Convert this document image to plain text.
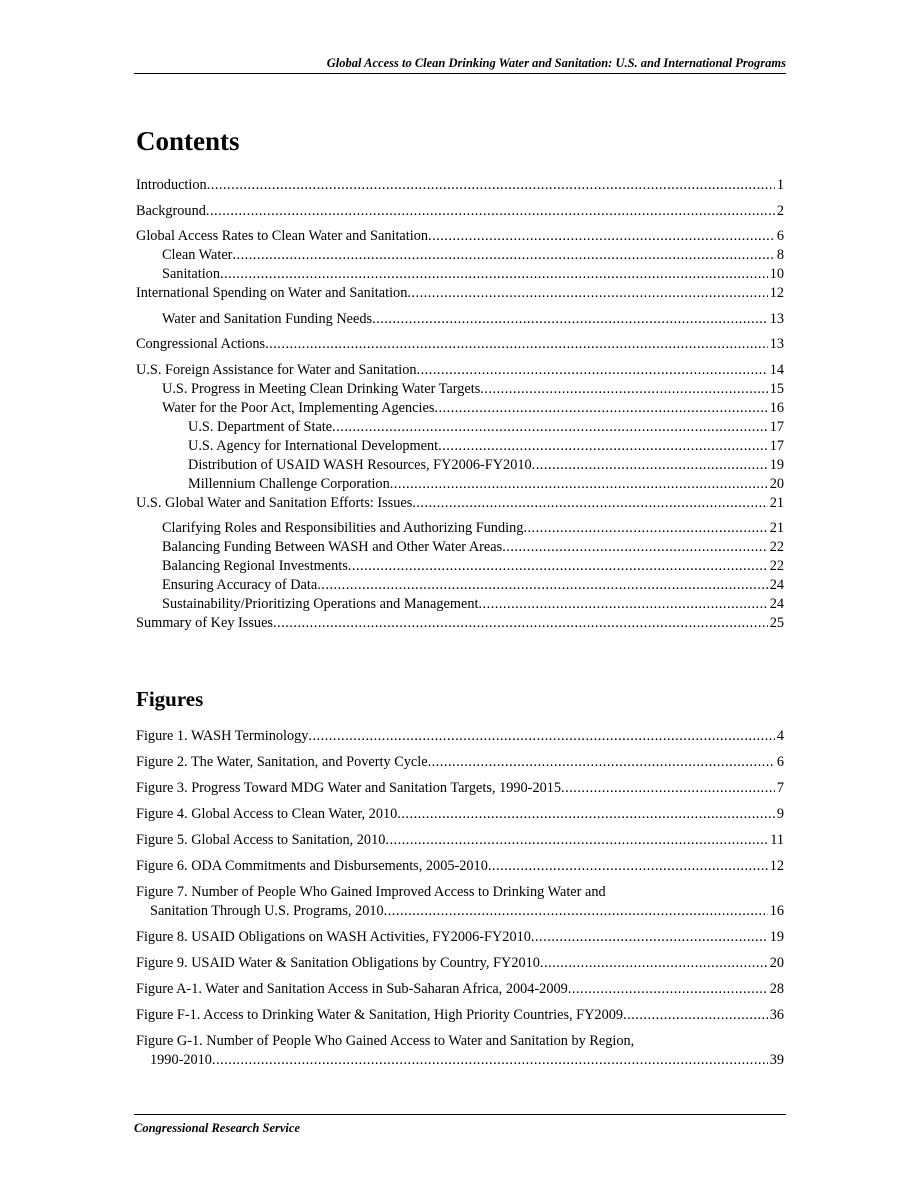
Global Access to Clean Drinking Water and Sanitation: U.S. and International Programs
Contents
Introduction .....	1
Background .....	2
Global Access Rates to Clean Water and Sanitation .....	6
Clean Water .....	8
Sanitation .....	10
International Spending on Water and Sanitation .....	12
Water and Sanitation Funding Needs .....	13
Congressional Actions .....	13
U.S. Foreign Assistance for Water and Sanitation .....	14
U.S. Progress in Meeting Clean Drinking Water Targets .....	15
Water for the Poor Act, Implementing Agencies .....	16
U.S. Department of State .....	17
U.S. Agency for International Development .....	17
Distribution of USAID WASH Resources, FY2006-FY2010 .....	19
Millennium Challenge Corporation .....	20
U.S. Global Water and Sanitation Efforts: Issues .....	21
Clarifying Roles and Responsibilities and Authorizing Funding .....	21
Balancing Funding Between WASH and Other Water Areas .....	22
Balancing Regional Investments .....	22
Ensuring Accuracy of Data .....	24
Sustainability/Prioritizing Operations and Management .....	24
Summary of Key Issues .....	25
Figures
Figure 1. WASH Terminology .....	4
Figure 2. The Water, Sanitation, and Poverty Cycle .....	6
Figure 3. Progress Toward MDG Water and Sanitation Targets, 1990-2015 .....	7
Figure 4. Global Access to Clean Water, 2010 .....	9
Figure 5. Global Access to Sanitation, 2010 .....	11
Figure 6. ODA Commitments and Disbursements, 2005-2010 .....	12
Figure 7. Number of People Who Gained Improved Access to Drinking Water and
Sanitation Through U.S. Programs, 2010 .....	16
Figure 8. USAID Obligations on WASH Activities, FY2006-FY2010 .....	19
Figure 9. USAID Water & Sanitation Obligations by Country, FY2010 .....	20
Figure A-1. Water and Sanitation Access in Sub-Saharan Africa, 2004-2009 .....	28
Figure F-1. Access to Drinking Water & Sanitation, High Priority Countries, FY2009 .....	36
Figure G-1. Number of People Who Gained Access to Water and Sanitation by Region,
1990-2010 .....	39
Congressional Research Service
